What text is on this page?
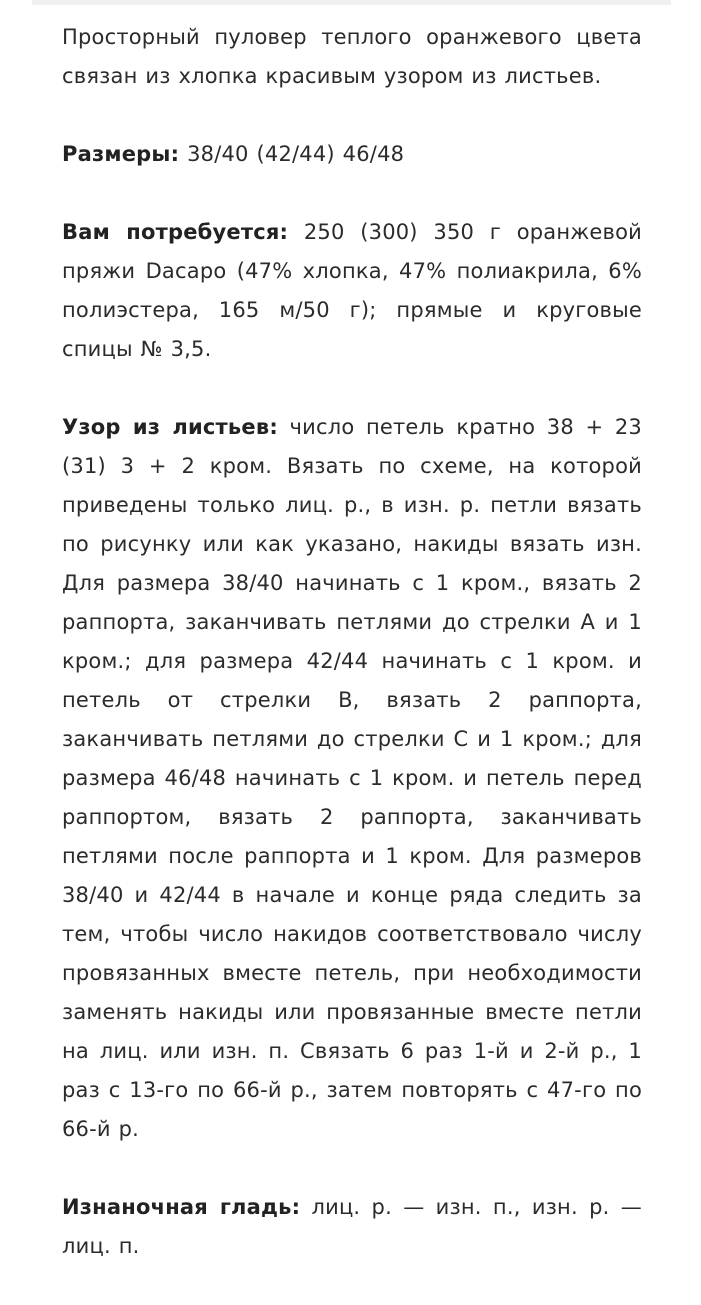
Просторный пуловер теплого оранжевого цвета связан из хлопка красивым узором из листьев.

Размеры: 38/40 (42/44) 46/48

Вам потребуется: 250 (300) 350 г оранжевой пряжи Dacapo (47% хлопка, 47% полиакрила, 6% полиэстера, 165 м/50 г); прямые и круговые спицы № 3,5.

Узор из листьев: число петель кратно 38 + 23 (31) 3 + 2 кром. Вязать по схеме, на которой приведены только лиц. р., в изн. р. петли вязать по рисунку или как указано, накиды вязать изн. Для размера 38/40 начинать с 1 кром., вязать 2 раппорта, заканчивать петлями до стрелки А и 1 кром.; для размера 42/44 начинать с 1 кром. и петель от стрелки В, вязать 2 раппорта, заканчивать петлями до стрелки С и 1 кром.; для размера 46/48 начинать с 1 кром. и петель перед раппортом, вязать 2 раппорта, заканчивать петлями после раппорта и 1 кром. Для размеров 38/40 и 42/44 в начале и конце ряда следить за тем, чтобы число накидов соответствовало числу провязанных вместе петель, при необходимости заменять накиды или провязанные вместе петли на лиц. или изн. п. Связать 6 раз 1-й и 2-й р., 1 раз с 13-го по 66-й р., затем повторять с 47-го по 66-й р.

Изнаночная гладь: лиц. р. — изн. п., изн. р. — лиц. п.
